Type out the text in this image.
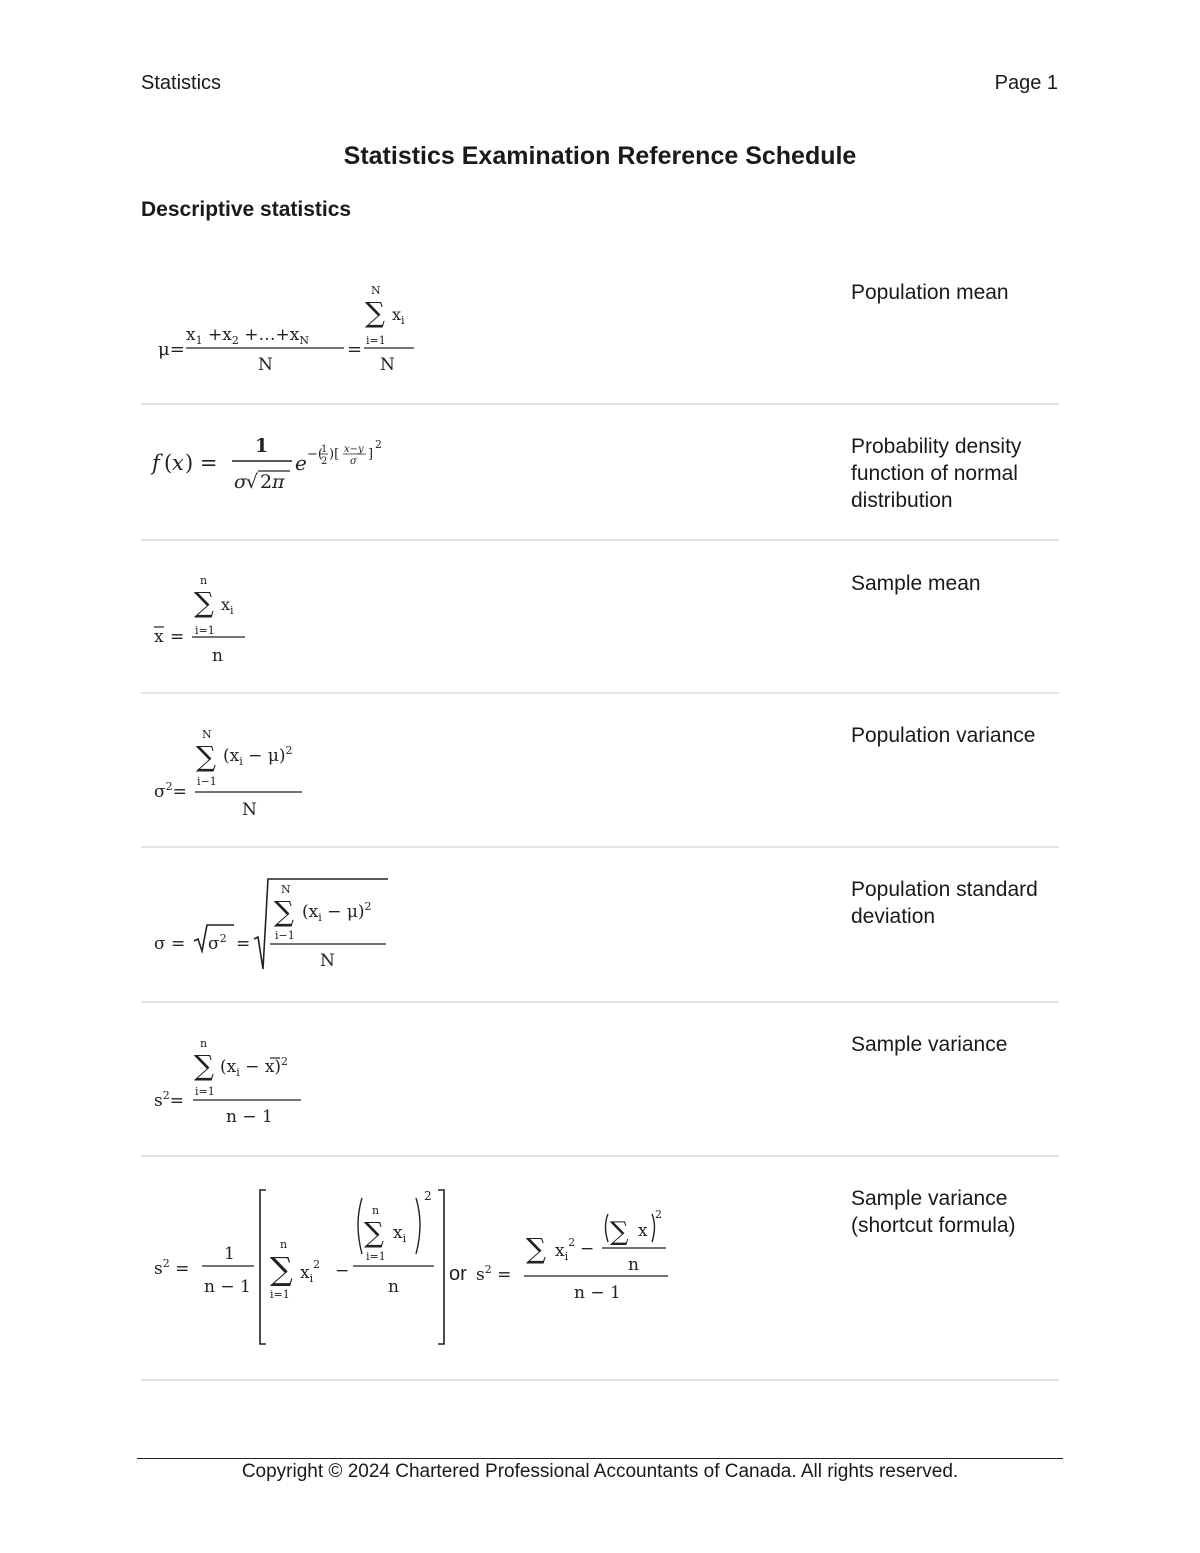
Statistics	Page 1
Statistics Examination Reference Schedule
Descriptive statistics
μ=
$x_1 +x_2$ $+\dots+x_N$
N
=
N
∑ $x_i$
i=1
N
Population mean
f ( x ) =
1
σ √ 2 π
e −(
1
2 )[ x−y
σ ]
2	Probability density function of normal distribution
x =
n
∑ $x_i$
i=1
n
Sample mean
$\sigma^2=$
N
∑ $(x_i - \mu)^2$
i−1
N
Population variance
$\sigma = \sigma^2$ =
N
∑ $(x_i - \mu)^2$
i−1
N
Population standard deviation
$s^2=$
n
∑ $(x_i - x)^2$
i=1
n − 1
Sample variance
$s^2$ =
1
n − 1
n
∑ $x_i^2$ −
i=1
n
∑ $x_i$
i=1
2
n
or $s^2$ =
∑ $x_i^2$ −
∑ x
2
n
n − 1
Sample variance (shortcut formula)
Copyright © 2024 Chartered Professional Accountants of Canada. All rights reserved.
